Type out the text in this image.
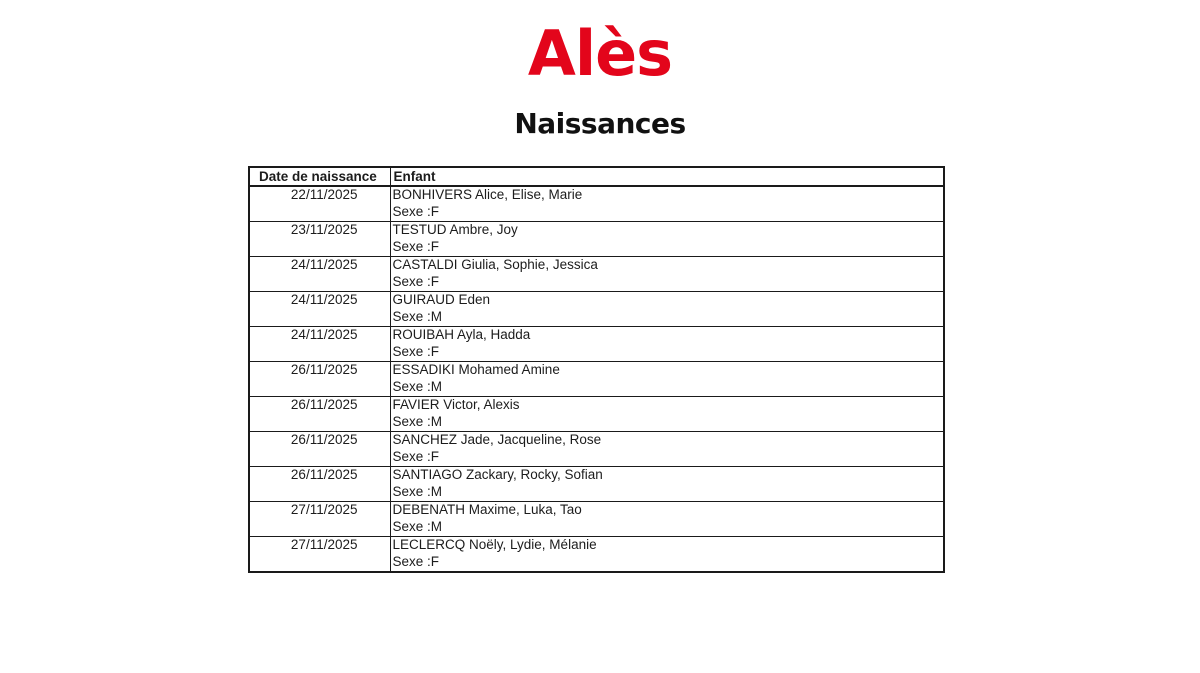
Alès
Naissances
Date de naissance	Enfant
22/11/2025	BONHIVERS Alice, Elise, Marie
Sexe :F

23/11/2025	TESTUD Ambre, Joy
Sexe :F

24/11/2025	CASTALDI Giulia, Sophie, Jessica
Sexe :F

24/11/2025	GUIRAUD Eden
Sexe :M

24/11/2025	ROUIBAH Ayla, Hadda
Sexe :F

26/11/2025	ESSADIKI Mohamed Amine
Sexe :M

26/11/2025	FAVIER Victor, Alexis
Sexe :M

26/11/2025	SANCHEZ Jade, Jacqueline, Rose
Sexe :F

26/11/2025	SANTIAGO Zackary, Rocky, Sofian
Sexe :M

27/11/2025	DEBENATH Maxime, Luka, Tao
Sexe :M

27/11/2025	LECLERCQ Noëly, Lydie, Mélanie
Sexe :F
